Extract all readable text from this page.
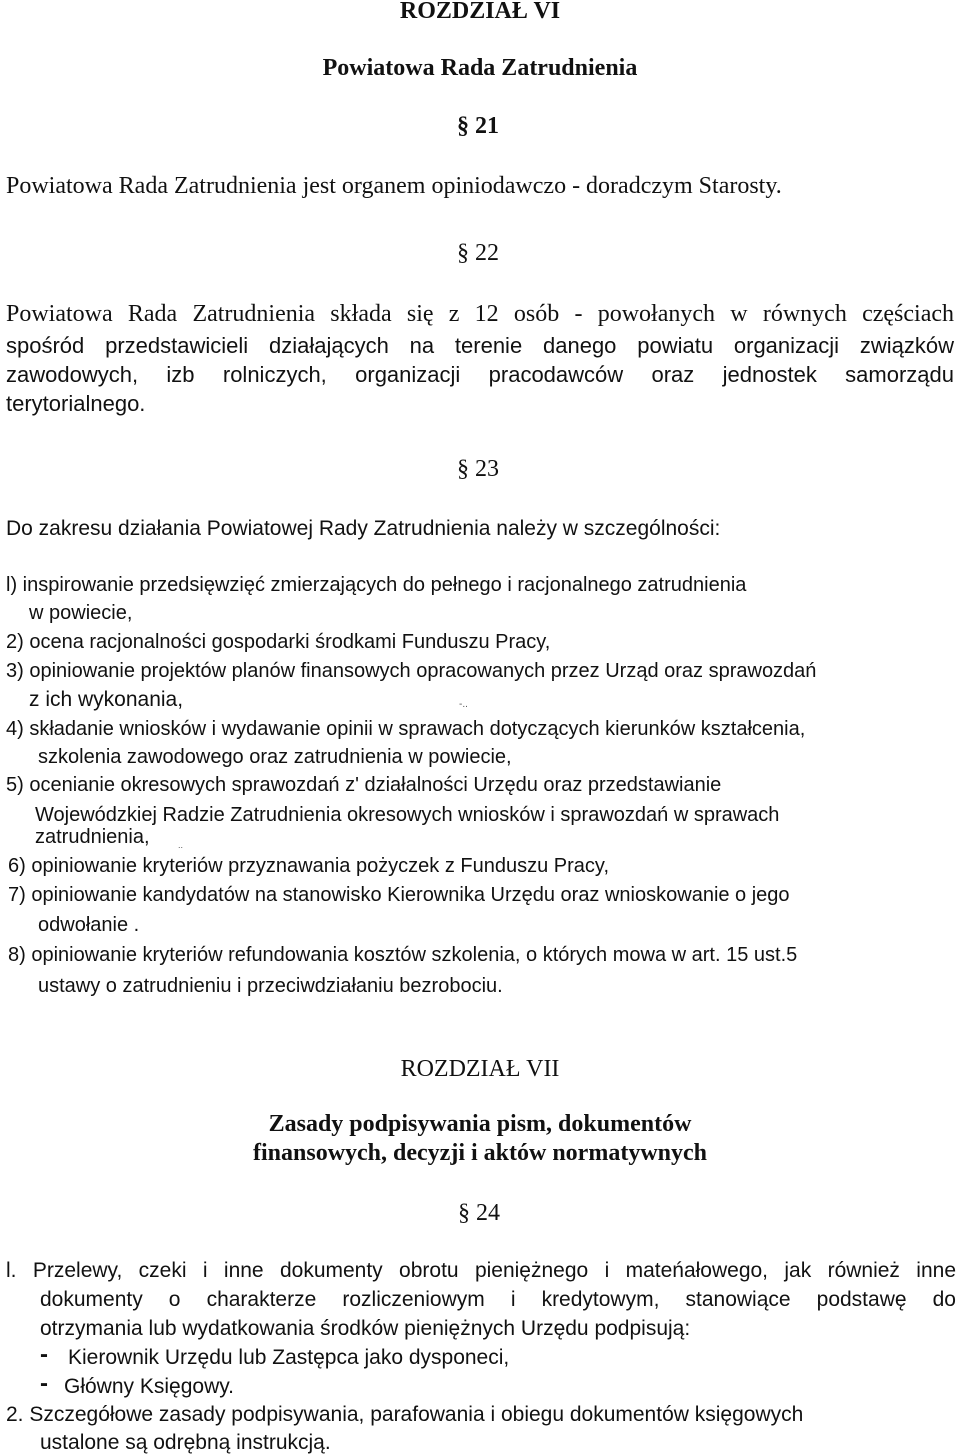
ROZDZIAŁ VI
Powiatowa Rada Zatrudnienia
§ 21
Powiatowa Rada Zatrudnienia jest organem opiniodawczo - doradczym Starosty.
§ 22
Powiatowa Rada Zatrudnienia składa się z 12 osób - powołanych w równych częściach
spośród przedstawicieli działających na terenie danego powiatu organizacji związków
zawodowych, izb rolniczych, organizacji pracodawców oraz jednostek samorządu
terytorialnego.
§ 23
Do zakresu działania Powiatowej Rady Zatrudnienia należy w szczególności:
l) inspirowanie przedsięwzięć zmierzających do pełnego i racjonalnego zatrudnienia
w powiecie,
2) ocena racjonalności gospodarki środkami Funduszu Pracy,
3) opiniowanie projektów planów finansowych opracowanych przez Urząd oraz sprawozdań
z ich wykonania,	-..
4) składanie wniosków i wydawanie opinii w sprawach dotyczących kierunków kształcenia,
szkolenia zawodowego oraz zatrudnienia w powiecie,
5) ocenianie okresowych sprawozdań z' działalności Urzędu oraz przedstawianie
Wojewódzkiej Radzie Zatrudnienia okresowych wniosków i sprawozdań w sprawach
zatrudnienia,	..
6) opiniowanie kryteriów przyznawania pożyczek z Funduszu Pracy,
7) opiniowanie kandydatów na stanowisko Kierownika Urzędu oraz wnioskowanie o jego
odwołanie .
8) opiniowanie kryteriów refundowania kosztów szkolenia, o których mowa w art. 15 ust.5
ustawy o zatrudnieniu i przeciwdziałaniu bezrobociu.
ROZDZIAŁ VII
Zasady podpisywania pism, dokumentów
finansowych, decyzji i aktów normatywnych
§ 24
l. Przelewy, czeki i inne dokumenty obrotu pieniężnego i mateńałowego, jak również inne
dokumenty o charakterze rozliczeniowym i kredytowym, stanowiące podstawę do
otrzymania lub wydatkowania środków pieniężnych Urzędu podpisują:
- Kierownik Urzędu lub Zastępca jako dysponeci,
- Główny Księgowy.
2. Szczegółowe zasady podpisywania, parafowania i obiegu dokumentów księgowych
ustalone są odrębną instrukcją.
